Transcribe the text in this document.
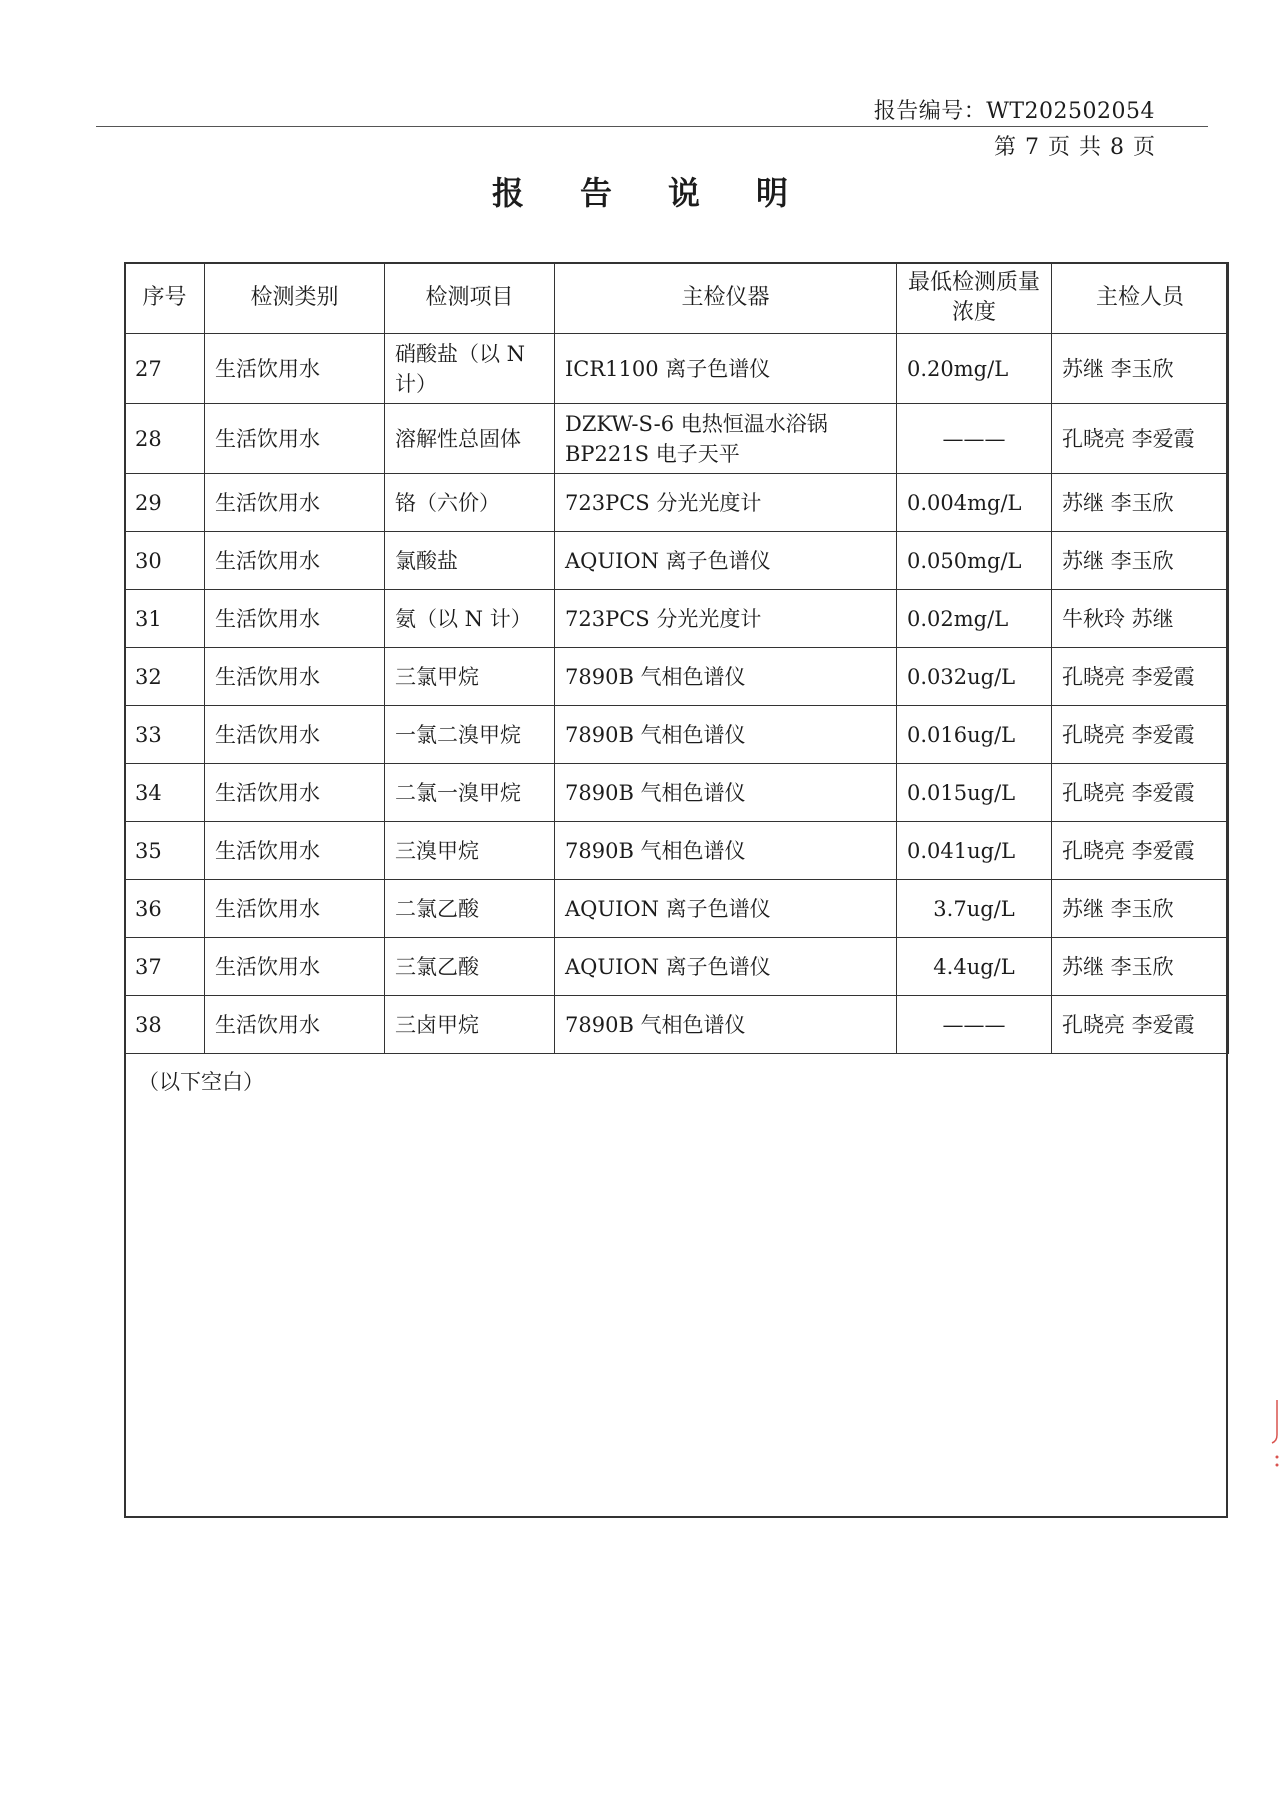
报告编号：WT202502054
第 7 页 共 8 页
报告说明
序号	检测类别	检测项目	主检仪器	最低检测质量浓度	主检人员
27	生活饮用水	硝酸盐（以 N 计）	ICR1100 离子色谱仪	0.20mg/L	苏继 李玉欣
28	生活饮用水	溶解性总固体	DZKW-S-6 电热恒温水浴锅 BP221S 电子天平	———	孔晓亮 李爱霞
29	生活饮用水	铬（六价）	723PCS 分光光度计	0.004mg/L	苏继 李玉欣
30	生活饮用水	氯酸盐	AQUION 离子色谱仪	0.050mg/L	苏继 李玉欣
31	生活饮用水	氨（以 N 计）	723PCS 分光光度计	0.02mg/L	牛秋玲 苏继
32	生活饮用水	三氯甲烷	7890B 气相色谱仪	0.032ug/L	孔晓亮 李爱霞
33	生活饮用水	一氯二溴甲烷	7890B 气相色谱仪	0.016ug/L	孔晓亮 李爱霞
34	生活饮用水	二氯一溴甲烷	7890B 气相色谱仪	0.015ug/L	孔晓亮 李爱霞
35	生活饮用水	三溴甲烷	7890B 气相色谱仪	0.041ug/L	孔晓亮 李爱霞
36	生活饮用水	二氯乙酸	AQUION 离子色谱仪	3.7ug/L	苏继 李玉欣
37	生活饮用水	三氯乙酸	AQUION 离子色谱仪	4.4ug/L	苏继 李玉欣
38	生活饮用水	三卤甲烷	7890B 气相色谱仪	———	孔晓亮 李爱霞
（以下空白）
